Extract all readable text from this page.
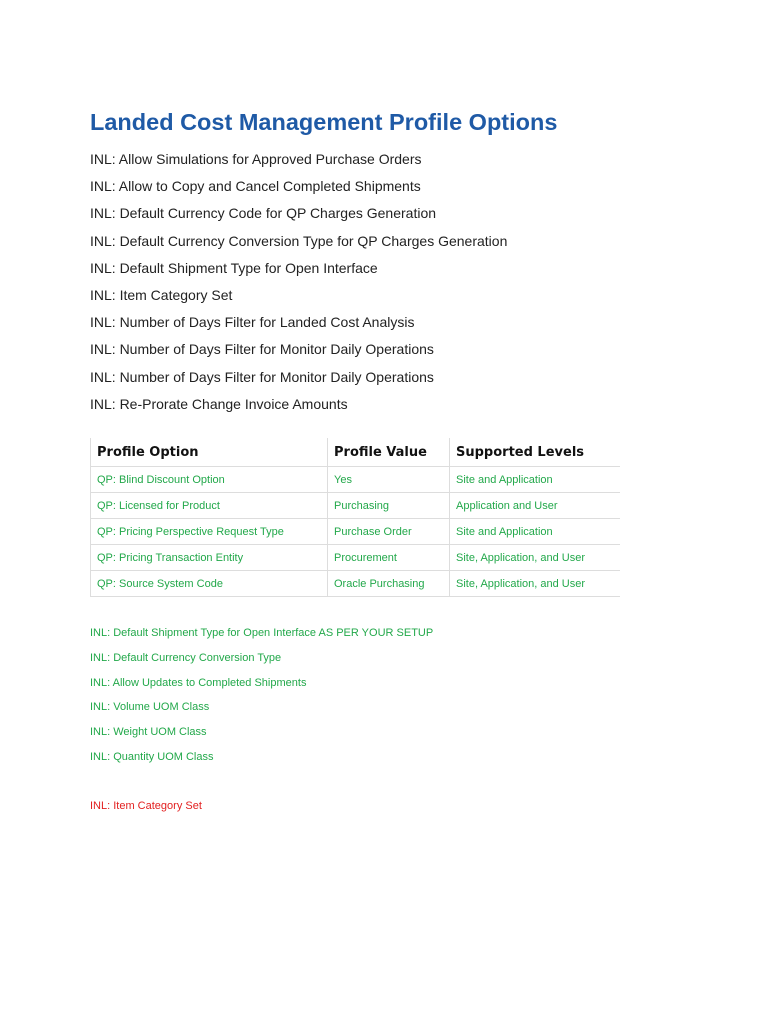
Landed Cost Management Profile Options
INL: Allow Simulations for Approved Purchase Orders
INL: Allow to Copy and Cancel Completed Shipments
INL: Default Currency Code for QP Charges Generation
INL: Default Currency Conversion Type for QP Charges Generation
INL: Default Shipment Type for Open Interface
INL: Item Category Set
INL: Number of Days Filter for Landed Cost Analysis
INL: Number of Days Filter for Monitor Daily Operations
INL: Number of Days Filter for Monitor Daily Operations
INL: Re-Prorate Change Invoice Amounts
Profile Option	Profile Value	Supported Levels
QP: Blind Discount Option	Yes	Site and Application
QP: Licensed for Product	Purchasing	Application and User
QP: Pricing Perspective Request Type	Purchase Order	Site and Application
QP: Pricing Transaction Entity	Procurement	Site, Application, and User
QP: Source System Code	Oracle Purchasing	Site, Application, and User
INL: Default Shipment Type for Open Interface AS PER YOUR SETUP
INL: Default Currency Conversion Type
INL: Allow Updates to Completed Shipments
INL: Volume UOM Class
INL: Weight UOM Class
INL: Quantity UOM Class
INL: Item Category Set
